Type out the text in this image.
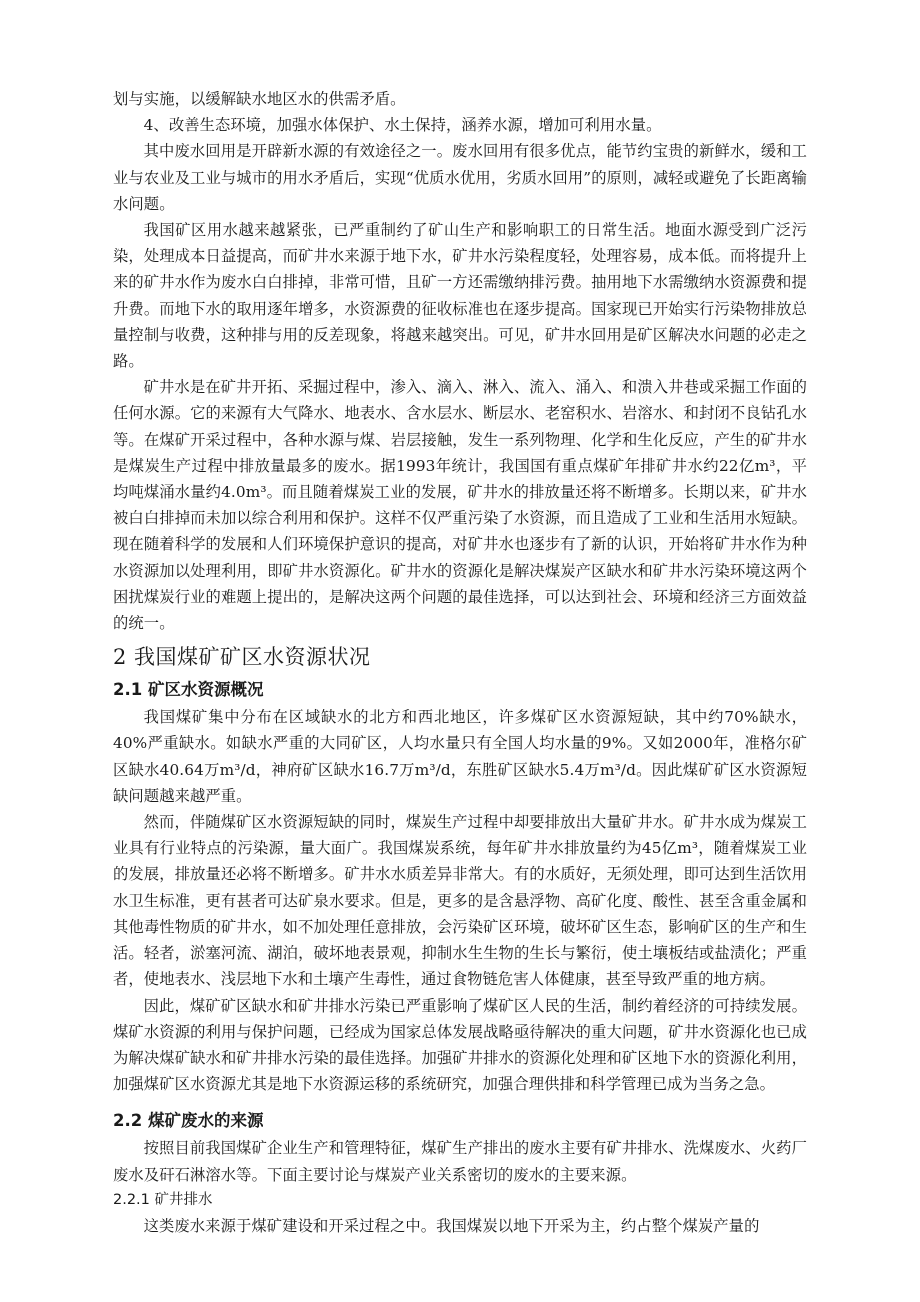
划与实施，以缓解缺水地区水的供需矛盾。

4、改善生态环境，加强水体保护、水土保持，涵养水源，增加可利用水量。

其中废水回用是开辟新水源的有效途径之一。废水回用有很多优点，能节约宝贵的新鲜水，缓和工业与农业及工业与城市的用水矛盾后，实现“优质水优用，劣质水回用”的原则，减轻或避免了长距离输水问题。

我国矿区用水越来越紧张，已严重制约了矿山生产和影响职工的日常生活。地面水源受到广泛污染，处理成本日益提高，而矿井水来源于地下水，矿井水污染程度轻，处理容易，成本低。而将提升上来的矿井水作为废水白白排掉，非常可惜，且矿一方还需缴纳排污费。抽用地下水需缴纳水资源费和提升费。而地下水的取用逐年增多，水资源费的征收标准也在逐步提高。国家现已开始实行污染物排放总量控制与收费，这种排与用的反差现象，将越来越突出。可见，矿井水回用是矿区解决水问题的必走之路。

矿井水是在矿井开拓、采掘过程中，渗入、滴入、淋入、流入、涌入、和溃入井巷或采掘工作面的任何水源。它的来源有大气降水、地表水、含水层水、断层水、老窑积水、岩溶水、和封闭不良钻孔水等。在煤矿开采过程中，各种水源与煤、岩层接触，发生一系列物理、化学和生化反应，产生的矿井水是煤炭生产过程中排放量最多的废水。据1993年统计，我国国有重点煤矿年排矿井水约22亿m³，平均吨煤涌水量约4.0m³。而且随着煤炭工业的发展，矿井水的排放量还将不断增多。长期以来，矿井水被白白排掉而未加以综合利用和保护。这样不仅严重污染了水资源，而且造成了工业和生活用水短缺。现在随着科学的发展和人们环境保护意识的提高，对矿井水也逐步有了新的认识，开始将矿井水作为种水资源加以处理利用，即矿井水资源化。矿井水的资源化是解决煤炭产区缺水和矿井水污染环境这两个困扰煤炭行业的难题上提出的，是解决这两个问题的最佳选择，可以达到社会、环境和经济三方面效益的统一。

2 我国煤矿矿区水资源状况
2.1 矿区水资源概况

我国煤矿集中分布在区域缺水的北方和西北地区，许多煤矿区水资源短缺，其中约70%缺水，40%严重缺水。如缺水严重的大同矿区，人均水量只有全国人均水量的9%。又如2000年，准格尔矿区缺水40.64万m³/d，神府矿区缺水16.7万m³/d，东胜矿区缺水5.4万m³/d。因此煤矿矿区水资源短缺问题越来越严重。

然而，伴随煤矿区水资源短缺的同时，煤炭生产过程中却要排放出大量矿井水。矿井水成为煤炭工业具有行业特点的污染源，量大面广。我国煤炭系统，每年矿井水排放量约为45亿m³，随着煤炭工业的发展，排放量还必将不断增多。矿井水水质差异非常大。有的水质好，无须处理，即可达到生活饮用水卫生标准，更有甚者可达矿泉水要求。但是，更多的是含悬浮物、高矿化度、酸性、甚至含重金属和其他毒性物质的矿井水，如不加处理任意排放，会污染矿区环境，破坏矿区生态，影响矿区的生产和生活。轻者，淤塞河流、湖泊，破坏地表景观，抑制水生生物的生长与繁衍，使土壤板结或盐渍化；严重者，使地表水、浅层地下水和土壤产生毒性，通过食物链危害人体健康，甚至导致严重的地方病。

因此，煤矿矿区缺水和矿井排水污染已严重影响了煤矿区人民的生活，制约着经济的可持续发展。煤矿水资源的利用与保护问题，已经成为国家总体发展战略亟待解决的重大问题，矿井水资源化也已成为解决煤矿缺水和矿井排水污染的最佳选择。加强矿井排水的资源化处理和矿区地下水的资源化利用，加强煤矿区水资源尤其是地下水资源运移的系统研究，加强合理供排和科学管理已成为当务之急。

2.2 煤矿废水的来源

按照目前我国煤矿企业生产和管理特征，煤矿生产排出的废水主要有矿井排水、洗煤废水、火药厂废水及矸石淋溶水等。下面主要讨论与煤炭产业关系密切的废水的主要来源。

2.2.1 矿井排水

这类废水来源于煤矿建设和开采过程之中。我国煤炭以地下开采为主，约占整个煤炭产量的
